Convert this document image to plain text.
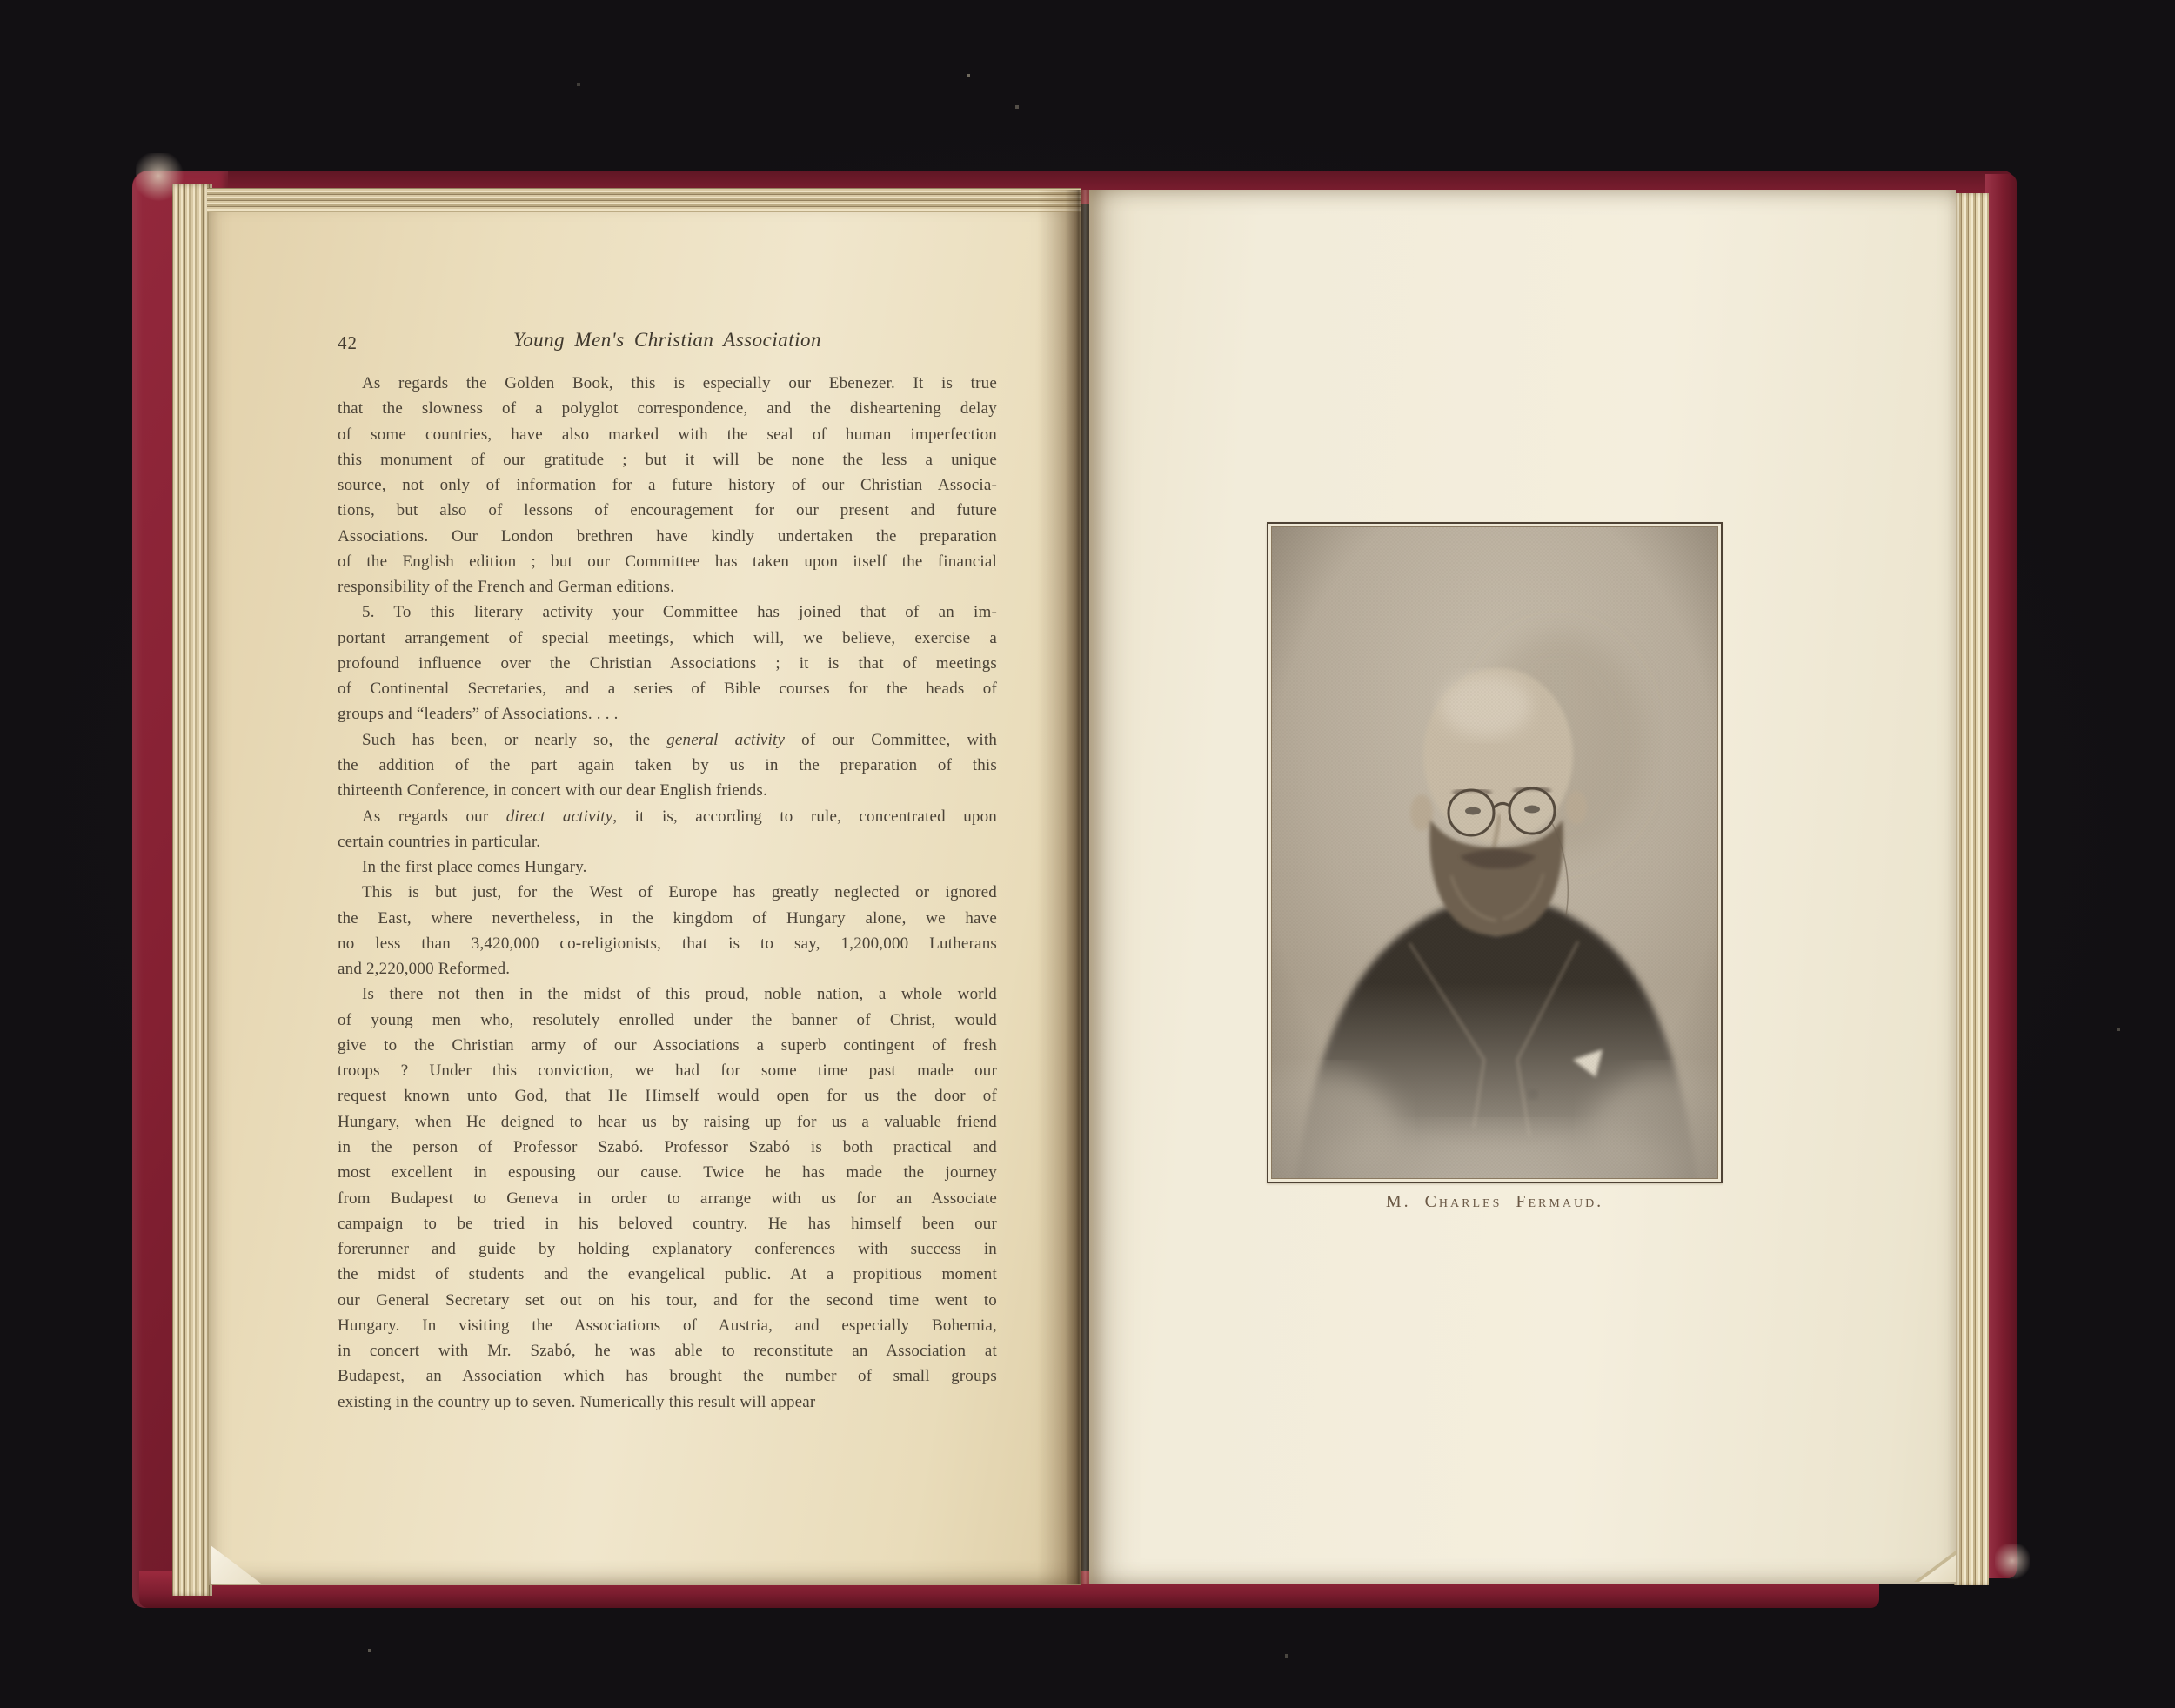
42	Young Men's Christian Association
As regards the Golden Book, this is especially our Ebenezer. It is true
that the slowness of a polyglot correspondence, and the disheartening delay
of some countries, have also marked with the seal of human imperfection
this monument of our gratitude ; but it will be none the less a unique
source, not only of information for a future history of our Christian Associa-
tions, but also of lessons of encouragement for our present and future
Associations. Our London brethren have kindly undertaken the preparation
of the English edition ; but our Committee has taken upon itself the financial
responsibility of the French and German editions.
5. To this literary activity your Committee has joined that of an im-
portant arrangement of special meetings, which will, we believe, exercise a
profound influence over the Christian Associations ; it is that of meetings
of Continental Secretaries, and a series of Bible courses for the heads of
groups and “leaders” of Associations. . . .
Such has been, or nearly so, the general activity of our Committee, with
the addition of the part again taken by us in the preparation of this
thirteenth Conference, in concert with our dear English friends.
As regards our direct activity, it is, according to rule, concentrated upon
certain countries in particular.
In the first place comes Hungary.
This is but just, for the West of Europe has greatly neglected or ignored
the East, where nevertheless, in the kingdom of Hungary alone, we have
no less than 3,420,000 co-religionists, that is to say, 1,200,000 Lutherans
and 2,220,000 Reformed.
Is there not then in the midst of this proud, noble nation, a whole world
of young men who, resolutely enrolled under the banner of Christ, would
give to the Christian army of our Associations a superb contingent of fresh
troops ? Under this conviction, we had for some time past made our
request known unto God, that He Himself would open for us the door of
Hungary, when He deigned to hear us by raising up for us a valuable friend
in the person of Professor Szabó. Professor Szabó is both practical and
most excellent in espousing our cause. Twice he has made the journey
from Budapest to Geneva in order to arrange with us for an Associate
campaign to be tried in his beloved country. He has himself been our
forerunner and guide by holding explanatory conferences with success in
the midst of students and the evangelical public. At a propitious moment
our General Secretary set out on his tour, and for the second time went to
Hungary. In visiting the Associations of Austria, and especially Bohemia,
in concert with Mr. Szabó, he was able to reconstitute an Association at
Budapest, an Association which has brought the number of small groups
existing in the country up to seven. Numerically this result will appear
M. Charles Fermaud.
